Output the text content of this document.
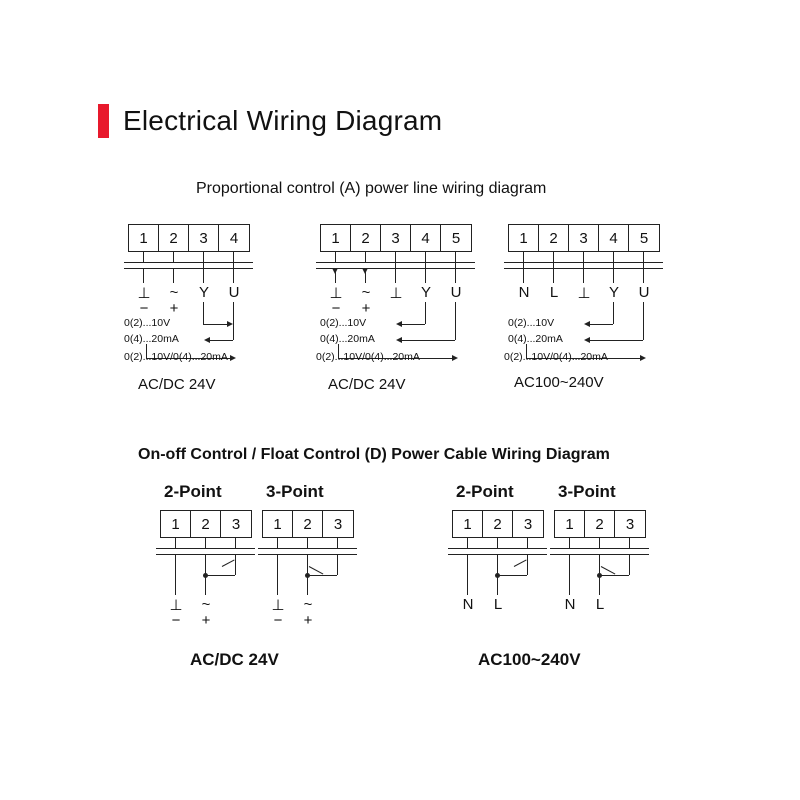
Electrical Wiring Diagram
Proportional control (A) power line wiring diagram
1	2	3	4
⊥ ~ Y U
− +
0(2)...10V
0(4)...20mA
0(2)...10V/0(4)...20mA
AC/DC 24V
1	2	3	4	5
⊥ ~ ⊥ Y U
− +
0(2)...10V
0(4)...20mA
0(2)...10V/0(4)...20mA
AC/DC 24V
1	2	3	4	5
N L ⊥ Y U
0(2)...10V
0(4)...20mA
0(2)...10V/0(4)...20mA
AC100~240V
On-off Control / Float Control (D) Power Cable Wiring Diagram
2-Point
1	2	3
⊥ ~
− +
3-Point
1	2	3
⊥ ~
− +
AC/DC 24V
2-Point
1	2	3
N L
3-Point
1	2	3
N L
AC100~240V
